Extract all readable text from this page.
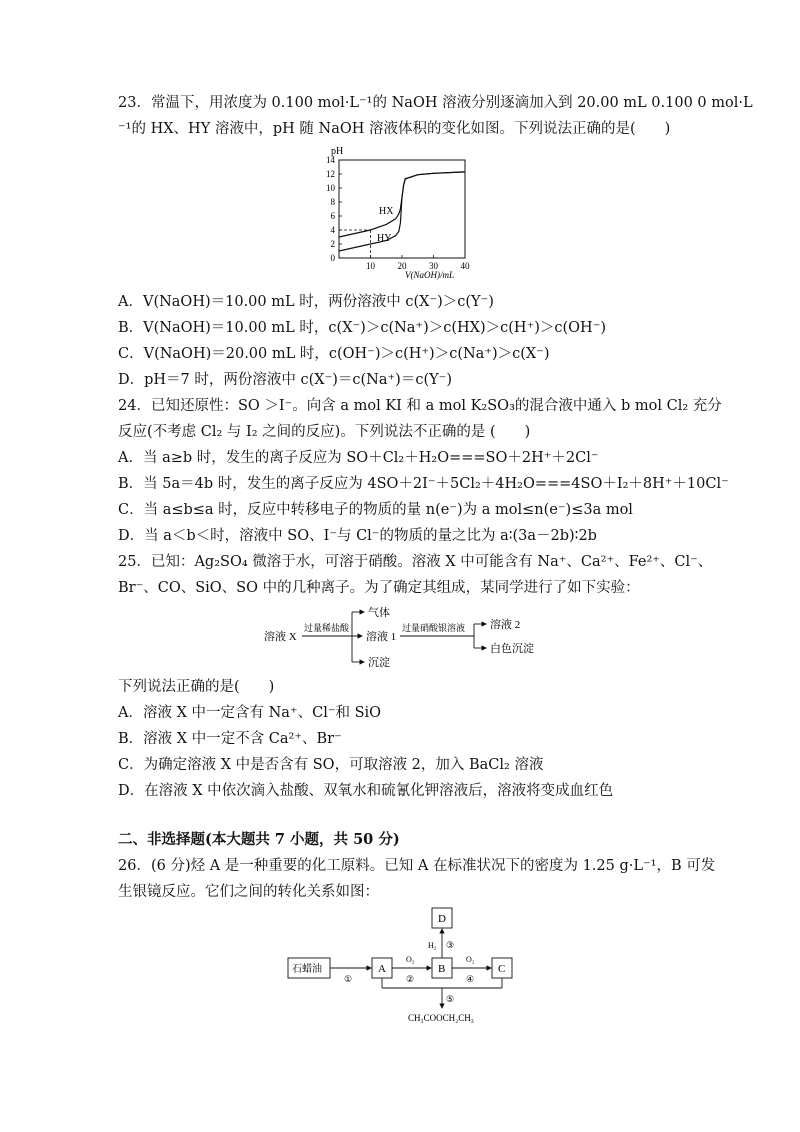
23．常温下，用浓度为 0.100 mol·L⁻¹的 NaOH 溶液分别逐滴加入到 20.00 mL 0.100 0 mol·L
⁻¹的 HX、HY 溶液中，pH 随 NaOH 溶液体积的变化如图。下列说法正确的是(　　)
0
2
4
6
8
10
12
14
10	20	30	40
pH
V(NaOH)/mL
HX
HY
A．V(NaOH)＝10.00 mL 时，两份溶液中 c(X⁻)＞c(Y⁻)
B．V(NaOH)＝10.00 mL 时，c(X⁻)＞c(Na⁺)＞c(HX)＞c(H⁺)＞c(OH⁻)
C．V(NaOH)＝20.00 mL 时，c(OH⁻)＞c(H⁺)＞c(Na⁺)＞c(X⁻)
D．pH＝7 时，两份溶液中 c(X⁻)＝c(Na⁺)＝c(Y⁻)
24．已知还原性：SO ＞I⁻。向含 a mol KI 和 a mol K₂SO₃的混合液中通入 b mol Cl₂ 充分
反应(不考虑 Cl₂ 与 I₂ 之间的反应)。下列说法不正确的是 (　　)
A．当 a≥b 时，发生的离子反应为 SO＋Cl₂＋H₂O===SO＋2H⁺＋2Cl⁻
B．当 5a＝4b 时，发生的离子反应为 4SO＋2I⁻＋5Cl₂＋4H₂O===4SO＋I₂＋8H⁺＋10Cl⁻
C．当 a≤b≤a 时，反应中转移电子的物质的量 n(e⁻)为 a mol≤n(e⁻)≤3a mol
D．当 a＜b＜时，溶液中 SO、I⁻与 Cl⁻的物质的量之比为 a∶(3a－2b)∶2b
25．已知：Ag₂SO₄ 微溶于水，可溶于硝酸。溶液 X 中可能含有 Na⁺、Ca²⁺、Fe²⁺、Cl⁻、
Br⁻、CO、SiO、SO 中的几种离子。为了确定其组成，某同学进行了如下实验：
溶液 X
过量稀盐酸
气体
溶液 1
沉淀
过量硝酸银溶液 溶液 2
白色沉淀
下列说法正确的是(　　)
A．溶液 X 中一定含有 Na⁺、Cl⁻和 SiO
B．溶液 X 中一定不含 Ca²⁺、Br⁻
C．为确定溶液 X 中是否含有 SO，可取溶液 2，加入 BaCl₂ 溶液
D．在溶液 X 中依次滴入盐酸、双氧水和硫氰化钾溶液后，溶液将变成血红色
二、非选择题(本大题共 7 小题，共 50 分)
26．(6 分)烃 A 是一种重要的化工原料。已知 A 在标准状况下的密度为 1.25 g·L⁻¹，B 可发
生银镜反应。它们之间的转化关系如图：
石蜡油	A	B	C
D
①
O₂
②
O₂
④
H₂ ③
⑤
CH₃COOCH₂CH₃
